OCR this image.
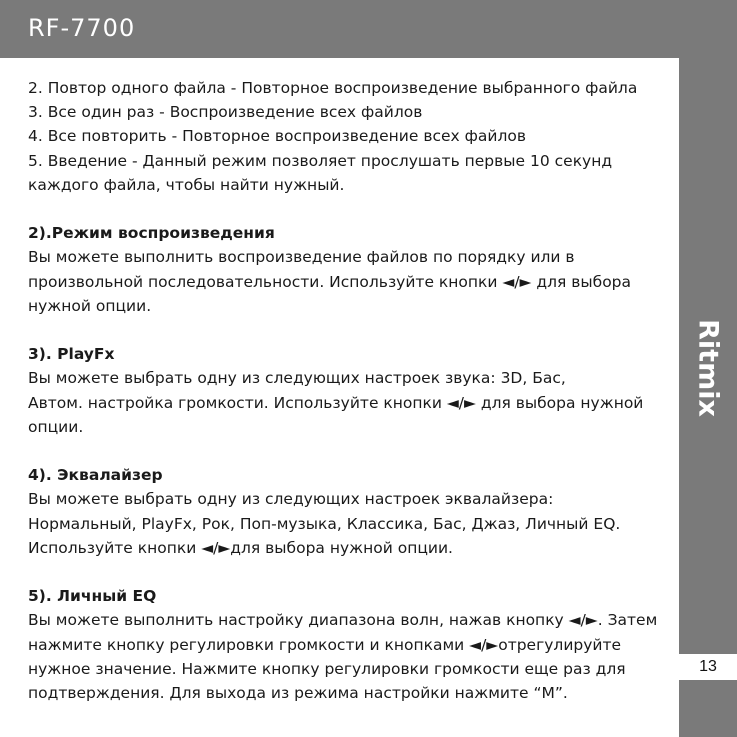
RF-7700
Ritmix
13
2. Повтор одного файла - Повторное воспроизведение выбранного файла
3. Все один раз - Воспроизведение всех файлов
4. Все повторить - Повторное воспроизведение всех файлов
5. Введение - Данный режим позволяет прослушать первые 10 секунд
каждого файла, чтобы найти нужный.
2).Режим воспроизведения
Вы можете выполнить воспроизведение файлов по порядку или в
произвольной последовательности. Используйте кнопки ◄/► для выбора
нужной опции.
3). PlayFx
Вы можете выбрать одну из следующих настроек звука: 3D, Бас,
Автом. настройка громкости. Используйте кнопки ◄/► для выбора нужной
опции.
4). Эквалайзер
Вы можете выбрать одну из следующих настроек эквалайзера:
Нормальный, PlayFx, Рок, Поп-музыка, Классика, Бас, Джаз, Личный EQ.
Используйте кнопки ◄/►для выбора нужной опции.
5). Личный EQ
Вы можете выполнить настройку диапазона волн, нажав кнопку ◄/►. Затем
нажмите кнопку регулировки громкости и кнопками ◄/►отрегулируйте
нужное значение. Нажмите кнопку регулировки громкости еще раз для
подтверждения. Для выхода из режима настройки нажмите “M”.
